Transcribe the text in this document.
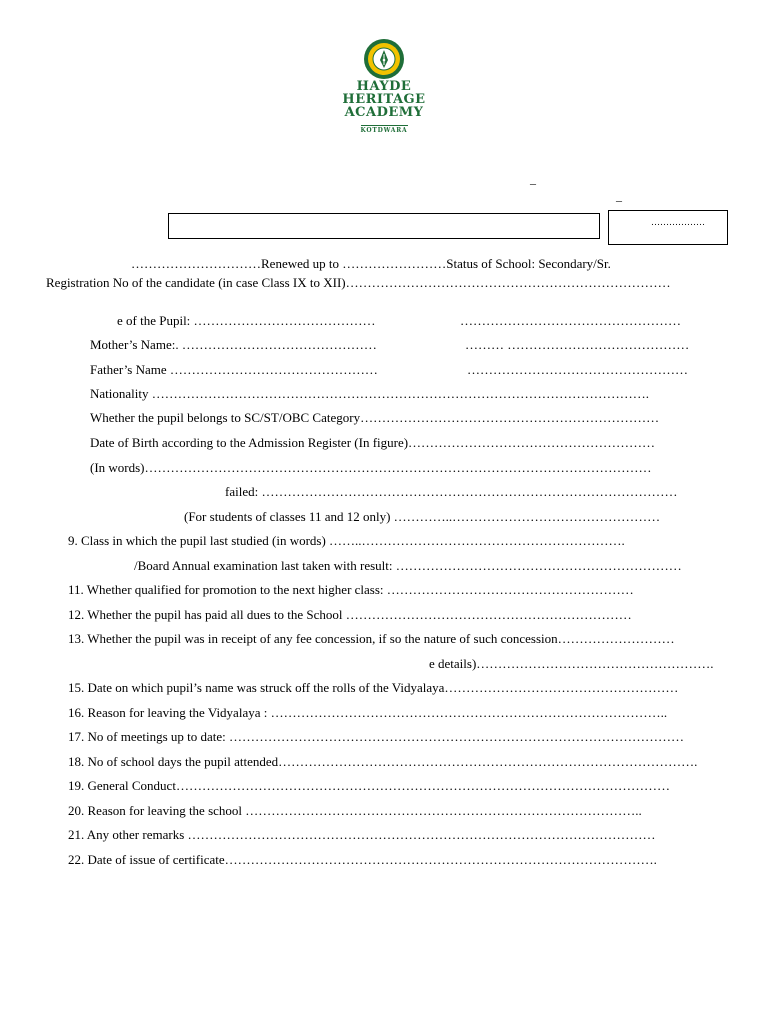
HAYDE
HERITAGE
ACADEMY
KOTDWARA
–
–
………………
…………………………Renewed up to ……………………Status of School: Secondary/Sr.
Registration No of the candidate (in case Class IX to XII)…………………………………………………………………
e of the Pupil: ……………………………………	……………………………………………
Mother’s Name:. ………………………………………	……… ……………………………………
Father’s Name …………………………………………	……………………………………………
Nationality …………………………………………………………………………………………………….
Whether the pupil belongs to SC/ST/OBC Category……………………………………………………………
Date of Birth according to the Admission Register (In figure)…………………………………………………
(In words)………………………………………………………………………………………………………
failed: ……………………………………………………………………………………
(For students of classes 11 and 12 only) …………..…………………………………………
9. Class in which the pupil last studied (in words) ……..…………………………………………………….
/Board Annual examination last taken with result: …………………………………………………………
11. Whether qualified for promotion to the next higher class: …………………………………………………
12. Whether the pupil has paid all dues to the School …………………………………………………………
13. Whether the pupil was in receipt of any fee concession, if so the nature of such concession………………………
e details)……………………………………………….
15. Date on which pupil’s name was struck off the rolls of the Vidyalaya………………………………………………
16. Reason for leaving the Vidyalaya : ………………………………………………………………………………..
17. No of meetings up to date: ……………………………………………………………………………………………
18. No of school days the pupil attended…………………………………………………………………………………….
19. General Conduct……………………………………………………………………………………………………
20. Reason for leaving the school ………………………………………………………………………………..
21. Any other remarks ………………………………………………………………………………………………
22. Date of issue of certificate……………………………………………………………………………………….
